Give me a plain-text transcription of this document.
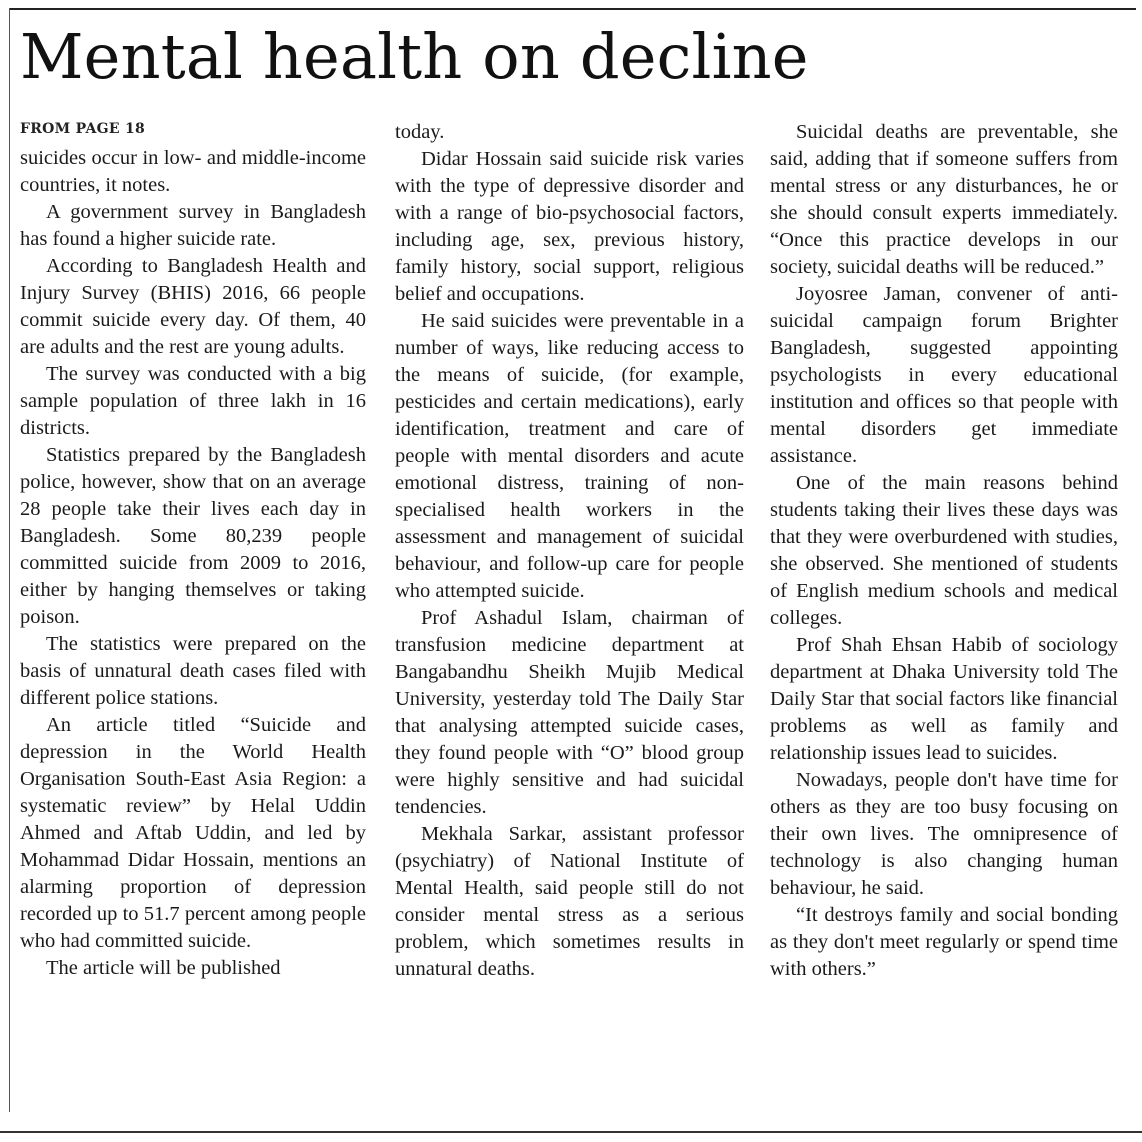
Mental health on decline
FROM PAGE 18

suicides occur in low- and middle-income countries, it notes.

A government survey in Bangladesh has found a higher suicide rate.

According to Bangladesh Health and Injury Survey (BHIS) 2016, 66 people commit suicide every day. Of them, 40 are adults and the rest are young adults.

The survey was conducted with a big sample population of three lakh in 16 districts.

Statistics prepared by the Bangladesh police, however, show that on an average 28 people take their lives each day in Bangladesh. Some 80,239 people committed suicide from 2009 to 2016, either by hanging themselves or taking poison.

The statistics were prepared on the basis of unnatural death cases filed with different police stations.

An article titled “Suicide and depression in the World Health Organisation South-East Asia Region: a systematic review” by Helal Uddin Ahmed and Aftab Uddin, and led by Mohammad Didar Hossain, mentions an alarming proportion of depression recorded up to 51.7 percent among people who had committed suicide.

The article will be published

today.

Didar Hossain said suicide risk varies with the type of depressive disorder and with a range of bio-psychosocial factors, including age, sex, previous history, family history, social support, religious belief and occupations.

He said suicides were preventable in a number of ways, like reducing access to the means of suicide, (for example, pesticides and certain medications), early identification, treatment and care of people with mental disorders and acute emotional distress, training of non-specialised health workers in the assessment and management of suicidal behaviour, and follow-up care for people who attempted suicide.

Prof Ashadul Islam, chairman of transfusion medicine department at Bangabandhu Sheikh Mujib Medical University, yesterday told The Daily Star that analysing attempted suicide cases, they found people with “O” blood group were highly sensitive and had suicidal tendencies.

Mekhala Sarkar, assistant professor (psychiatry) of National Institute of Mental Health, said people still do not consider mental stress as a serious problem, which sometimes results in unnatural deaths.

Suicidal deaths are preventable, she said, adding that if someone suffers from mental stress or any disturbances, he or she should consult experts immediately. “Once this practice develops in our society, suicidal deaths will be reduced.”

Joyosree Jaman, convener of anti-suicidal campaign forum Brighter Bangladesh, suggested appointing psychologists in every educational institution and offices so that people with mental disorders get immediate assistance.

One of the main reasons behind students taking their lives these days was that they were overburdened with studies, she observed. She mentioned of students of English medium schools and medical colleges.

Prof Shah Ehsan Habib of sociology department at Dhaka University told The Daily Star that social factors like financial problems as well as family and relationship issues lead to suicides.

Nowadays, people don't have time for others as they are too busy focusing on their own lives. The omnipresence of technology is also changing human behaviour, he said.

“It destroys family and social bonding as they don't meet regularly or spend time with others.”
